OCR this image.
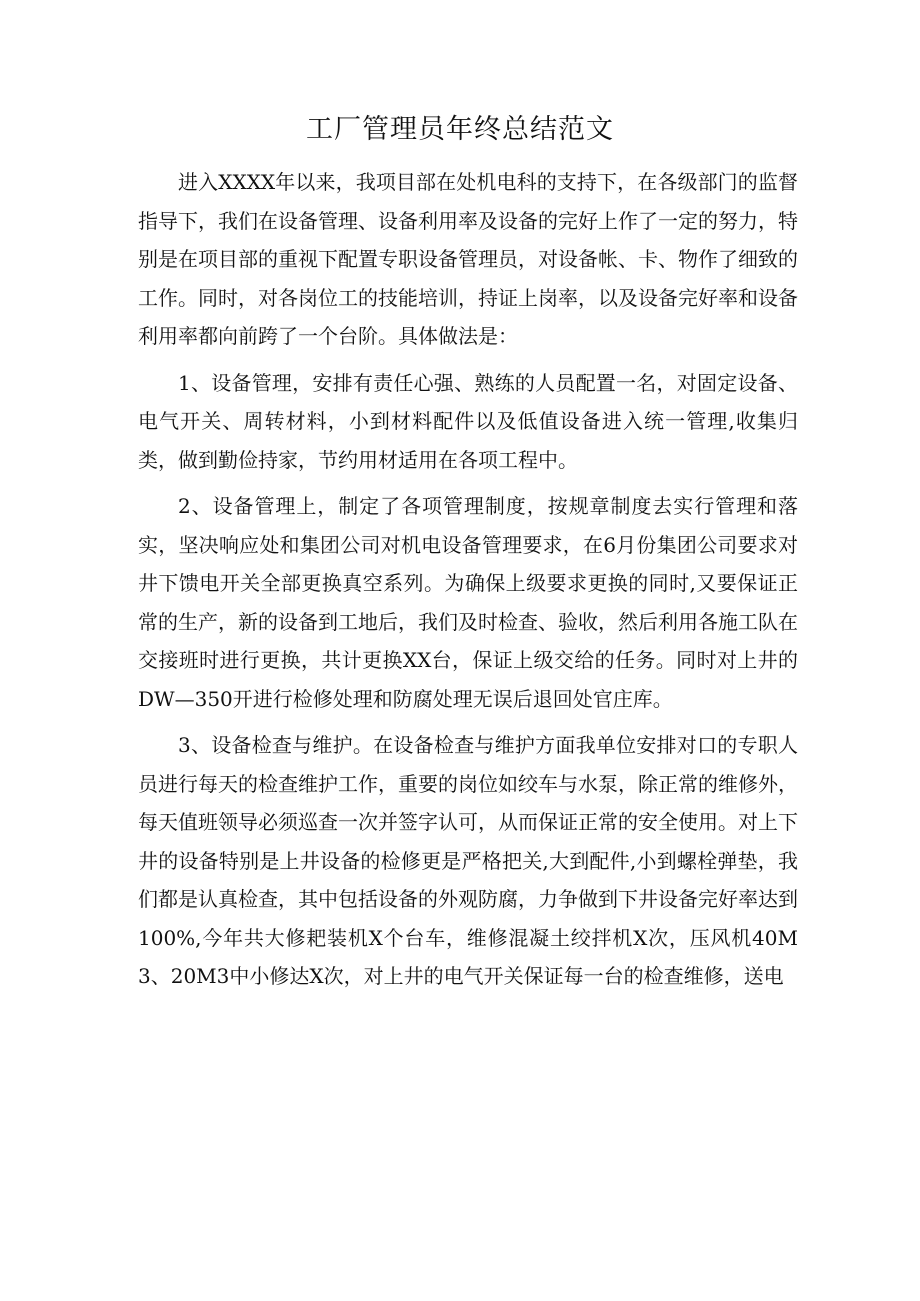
工厂管理员年终总结范文

进入XXXX年以来，我项目部在处机电科的支持下，在各级部门的监督指导下，我们在设备管理、设备利用率及设备的完好上作了一定的努力，特别是在项目部的重视下配置专职设备管理员，对设备帐、卡、物作了细致的工作。同时，对各岗位工的技能培训，持证上岗率，以及设备完好率和设备利用率都向前跨了一个台阶。具体做法是：

1、设备管理，安排有责任心强、熟练的人员配置一名，对固定设备、电气开关、周转材料，小到材料配件以及低值设备进入统一管理,收集归类，做到勤俭持家，节约用材适用在各项工程中。

2、设备管理上，制定了各项管理制度，按规章制度去实行管理和落实，坚决响应处和集团公司对机电设备管理要求，在6月份集团公司要求对井下馈电开关全部更换真空系列。为确保上级要求更换的同时,又要保证正常的生产，新的设备到工地后，我们及时检查、验收，然后利用各施工队在交接班时进行更换，共计更换XX台，保证上级交给的任务。同时对上井的DW—350开进行检修处理和防腐处理无误后退回处官庄库。

3、设备检查与维护。在设备检查与维护方面我单位安排对口的专职人员进行每天的检查维护工作，重要的岗位如绞车与水泵，除正常的维修外，每天值班领导必须巡查一次并签字认可，从而保证正常的安全使用。对上下井的设备特别是上井设备的检修更是严格把关,大到配件,小到螺栓弹垫，我们都是认真检查，其中包括设备的外观防腐，力争做到下井设备完好率达到100%,今年共大修耙装机X个台车，维修混凝土绞拌机X次，压风机40M3、20M3中小修达X次，对上井的电气开关保证每一台的检查维修，送电
